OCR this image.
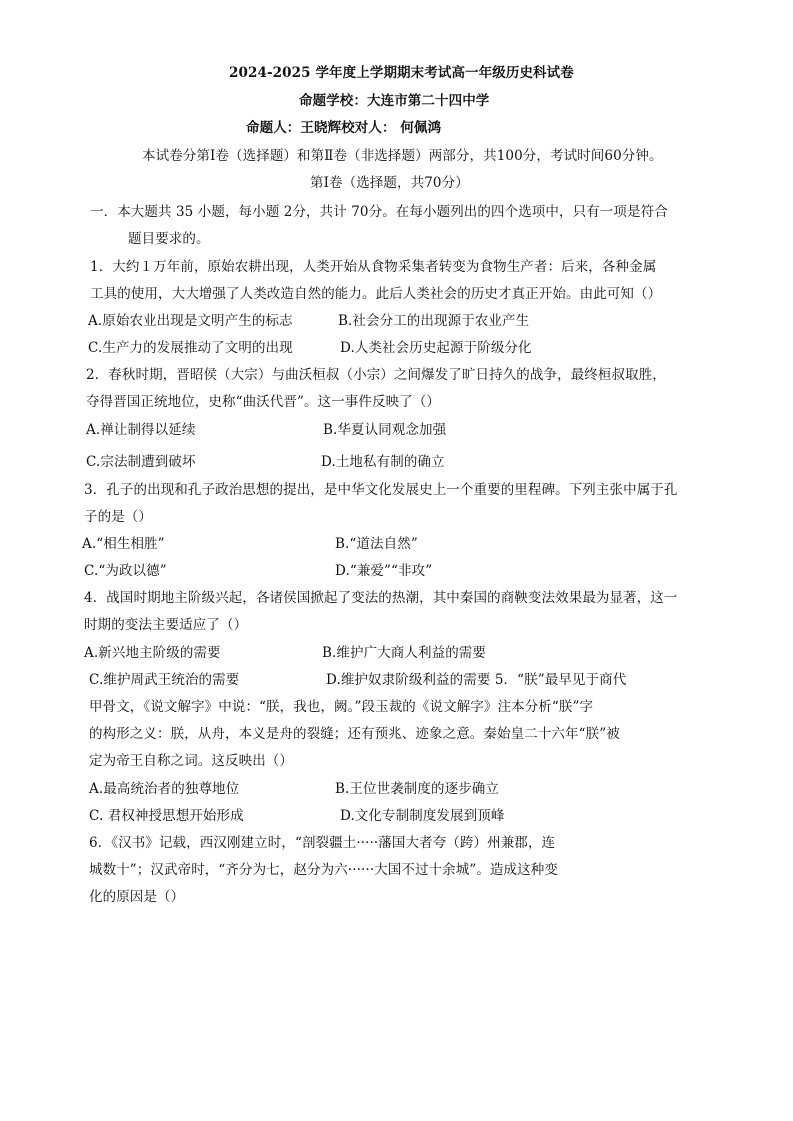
2024-2025 学年度上学期期末考试高一年级历史科试卷
命题学校：大连市第二十四中学
命题人：王晓辉校对人： 何佩鸿
本试卷分第Ⅰ卷（选择题）和第Ⅱ卷（非选择题）两部分，共100分，考试时间60分钟。
第Ⅰ卷（选择题，共70分）
一．本大题共 35 小题，每小题 2分，共计 70分。在每小题列出的四个选项中，只有一项是符合
题目要求的。
1．大约１万年前，原始农耕出现，人类开始从食物采集者转变为食物生产者：后来，各种金属
工具的使用，大大增强了人类改造自然的能力。此后人类社会的历史才真正开始。由此可知（）
A.原始农业出现是文明产生的标志	B.社会分工的出现源于农业产生
C.生产力的发展推动了文明的出现	D.人类社会历史起源于阶级分化
2．春秋时期，晋昭侯（大宗）与曲沃桓叔（小宗）之间爆发了旷日持久的战争，最终桓叔取胜，
夺得晋国正统地位，史称“曲沃代晋”。这一事件反映了（）
A.禅让制得以延续	B.华夏认同观念加强
C.宗法制遭到破坏	D.土地私有制的确立
3．孔子的出现和孔子政治思想的提出，是中华文化发展史上一个重要的里程碑。下列主张中属于孔
子的是（）
A.“相生相胜”	B.“道法自然”
C.“为政以德”	D.“兼爱”“非攻”
4．战国时期地主阶级兴起，各诸侯国掀起了变法的热潮，其中秦国的商鞅变法效果最为显著，这一
时期的变法主要适应了（）
A.新兴地主阶级的需要	B.维护广大商人利益的需要
C.维护周武王统治的需要	D.维护奴隶阶级利益的需要 5．“朕”最早见于商代
甲骨文，《说文解字》中说：“朕，我也，阙。”段玉裁的《说文解字》注本分析“朕”字
的构形之义：朕，从舟，本义是舟的裂缝；还有预兆、迹象之意。秦始皇二十六年“朕”被
定为帝王自称之词。这反映出（）
A.最高统治者的独尊地位	B.王位世袭制度的逐步确立
C. 君权神授思想开始形成	D.文化专制制度发展到顶峰
6．《汉书》记载，西汉刚建立时，“剖裂疆土·····藩国大者夸（跨）州兼郡，连
城数十”；汉武帝时，“齐分为七，赵分为六······大国不过十余城”。造成这种变
化的原因是（）
